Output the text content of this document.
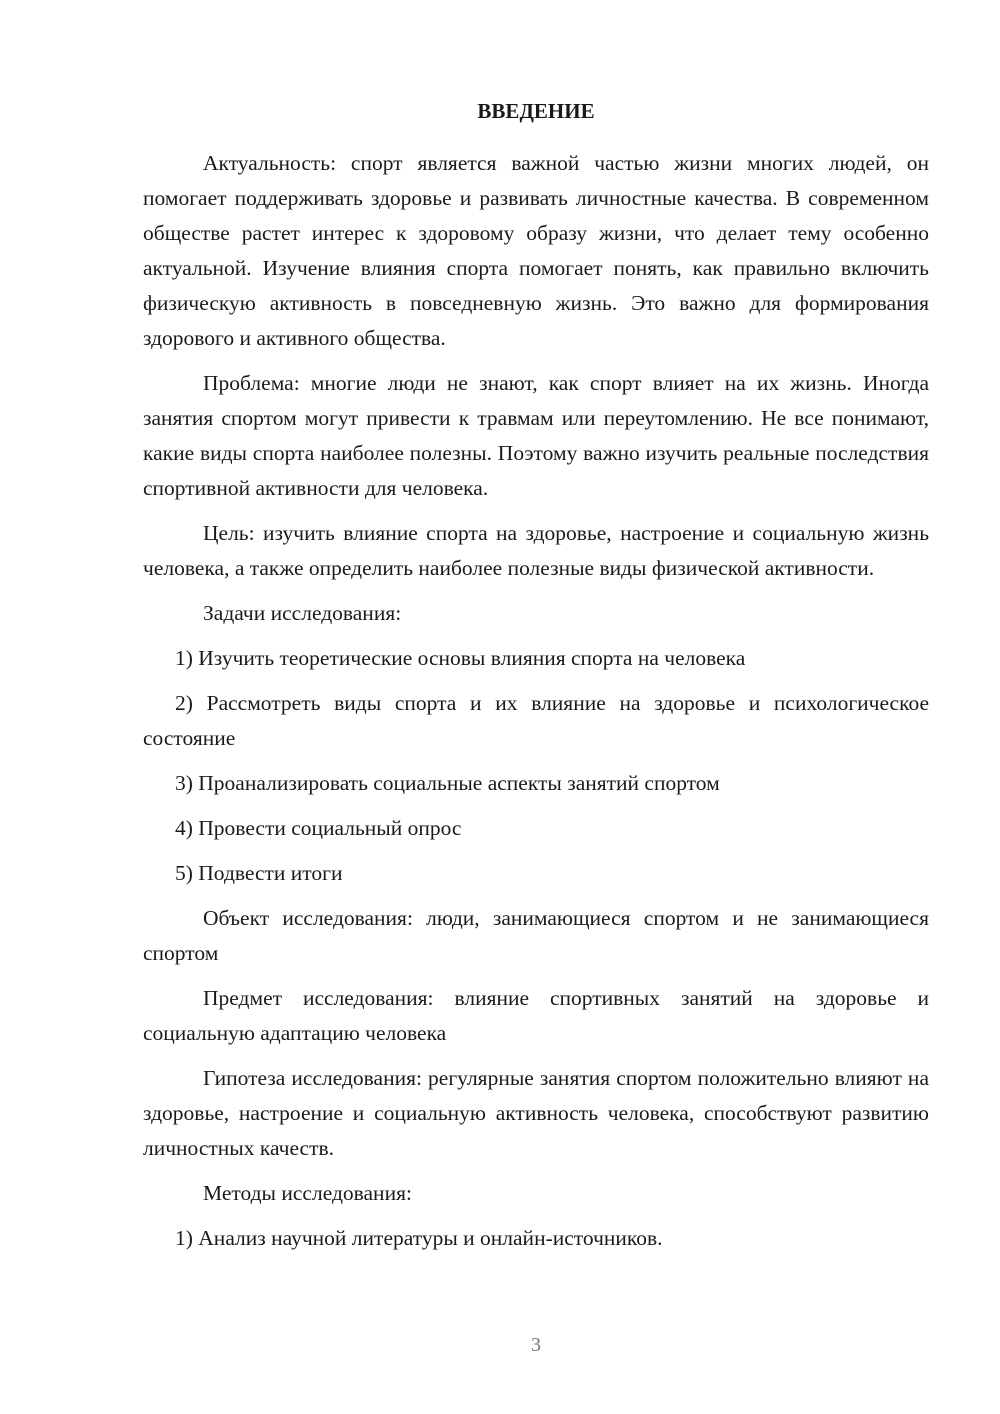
ВВЕДЕНИЕ

Актуальность: спорт является важной частью жизни многих людей, он помогает поддерживать здоровье и развивать личностные качества. В современном обществе растет интерес к здоровому образу жизни, что делает тему особенно актуальной. Изучение влияния спорта помогает понять, как правильно включить физическую активность в повседневную жизнь. Это важно для формирования здорового и активного общества.

Проблема: многие люди не знают, как спорт влияет на их жизнь. Иногда занятия спортом могут привести к травмам или переутомлению. Не все понимают, какие виды спорта наиболее полезны. Поэтому важно изучить реальные последствия спортивной активности для человека.

Цель: изучить влияние спорта на здоровье, настроение и социальную жизнь человека, а также определить наиболее полезные виды физической активности.

Задачи исследования:

1) Изучить теоретические основы влияния спорта на человека

2) Рассмотреть виды спорта и их влияние на здоровье и психологическое состояние

3) Проанализировать социальные аспекты занятий спортом

4) Провести социальный опрос

5) Подвести итоги

Объект исследования: люди, занимающиеся спортом и не занимающиеся спортом

Предмет исследования: влияние спортивных занятий на здоровье и социальную адаптацию человека

Гипотеза исследования: регулярные занятия спортом положительно влияют на здоровье, настроение и социальную активность человека, способствуют развитию личностных качеств.

Методы исследования:

1) Анализ научной литературы и онлайн-источников.

3
